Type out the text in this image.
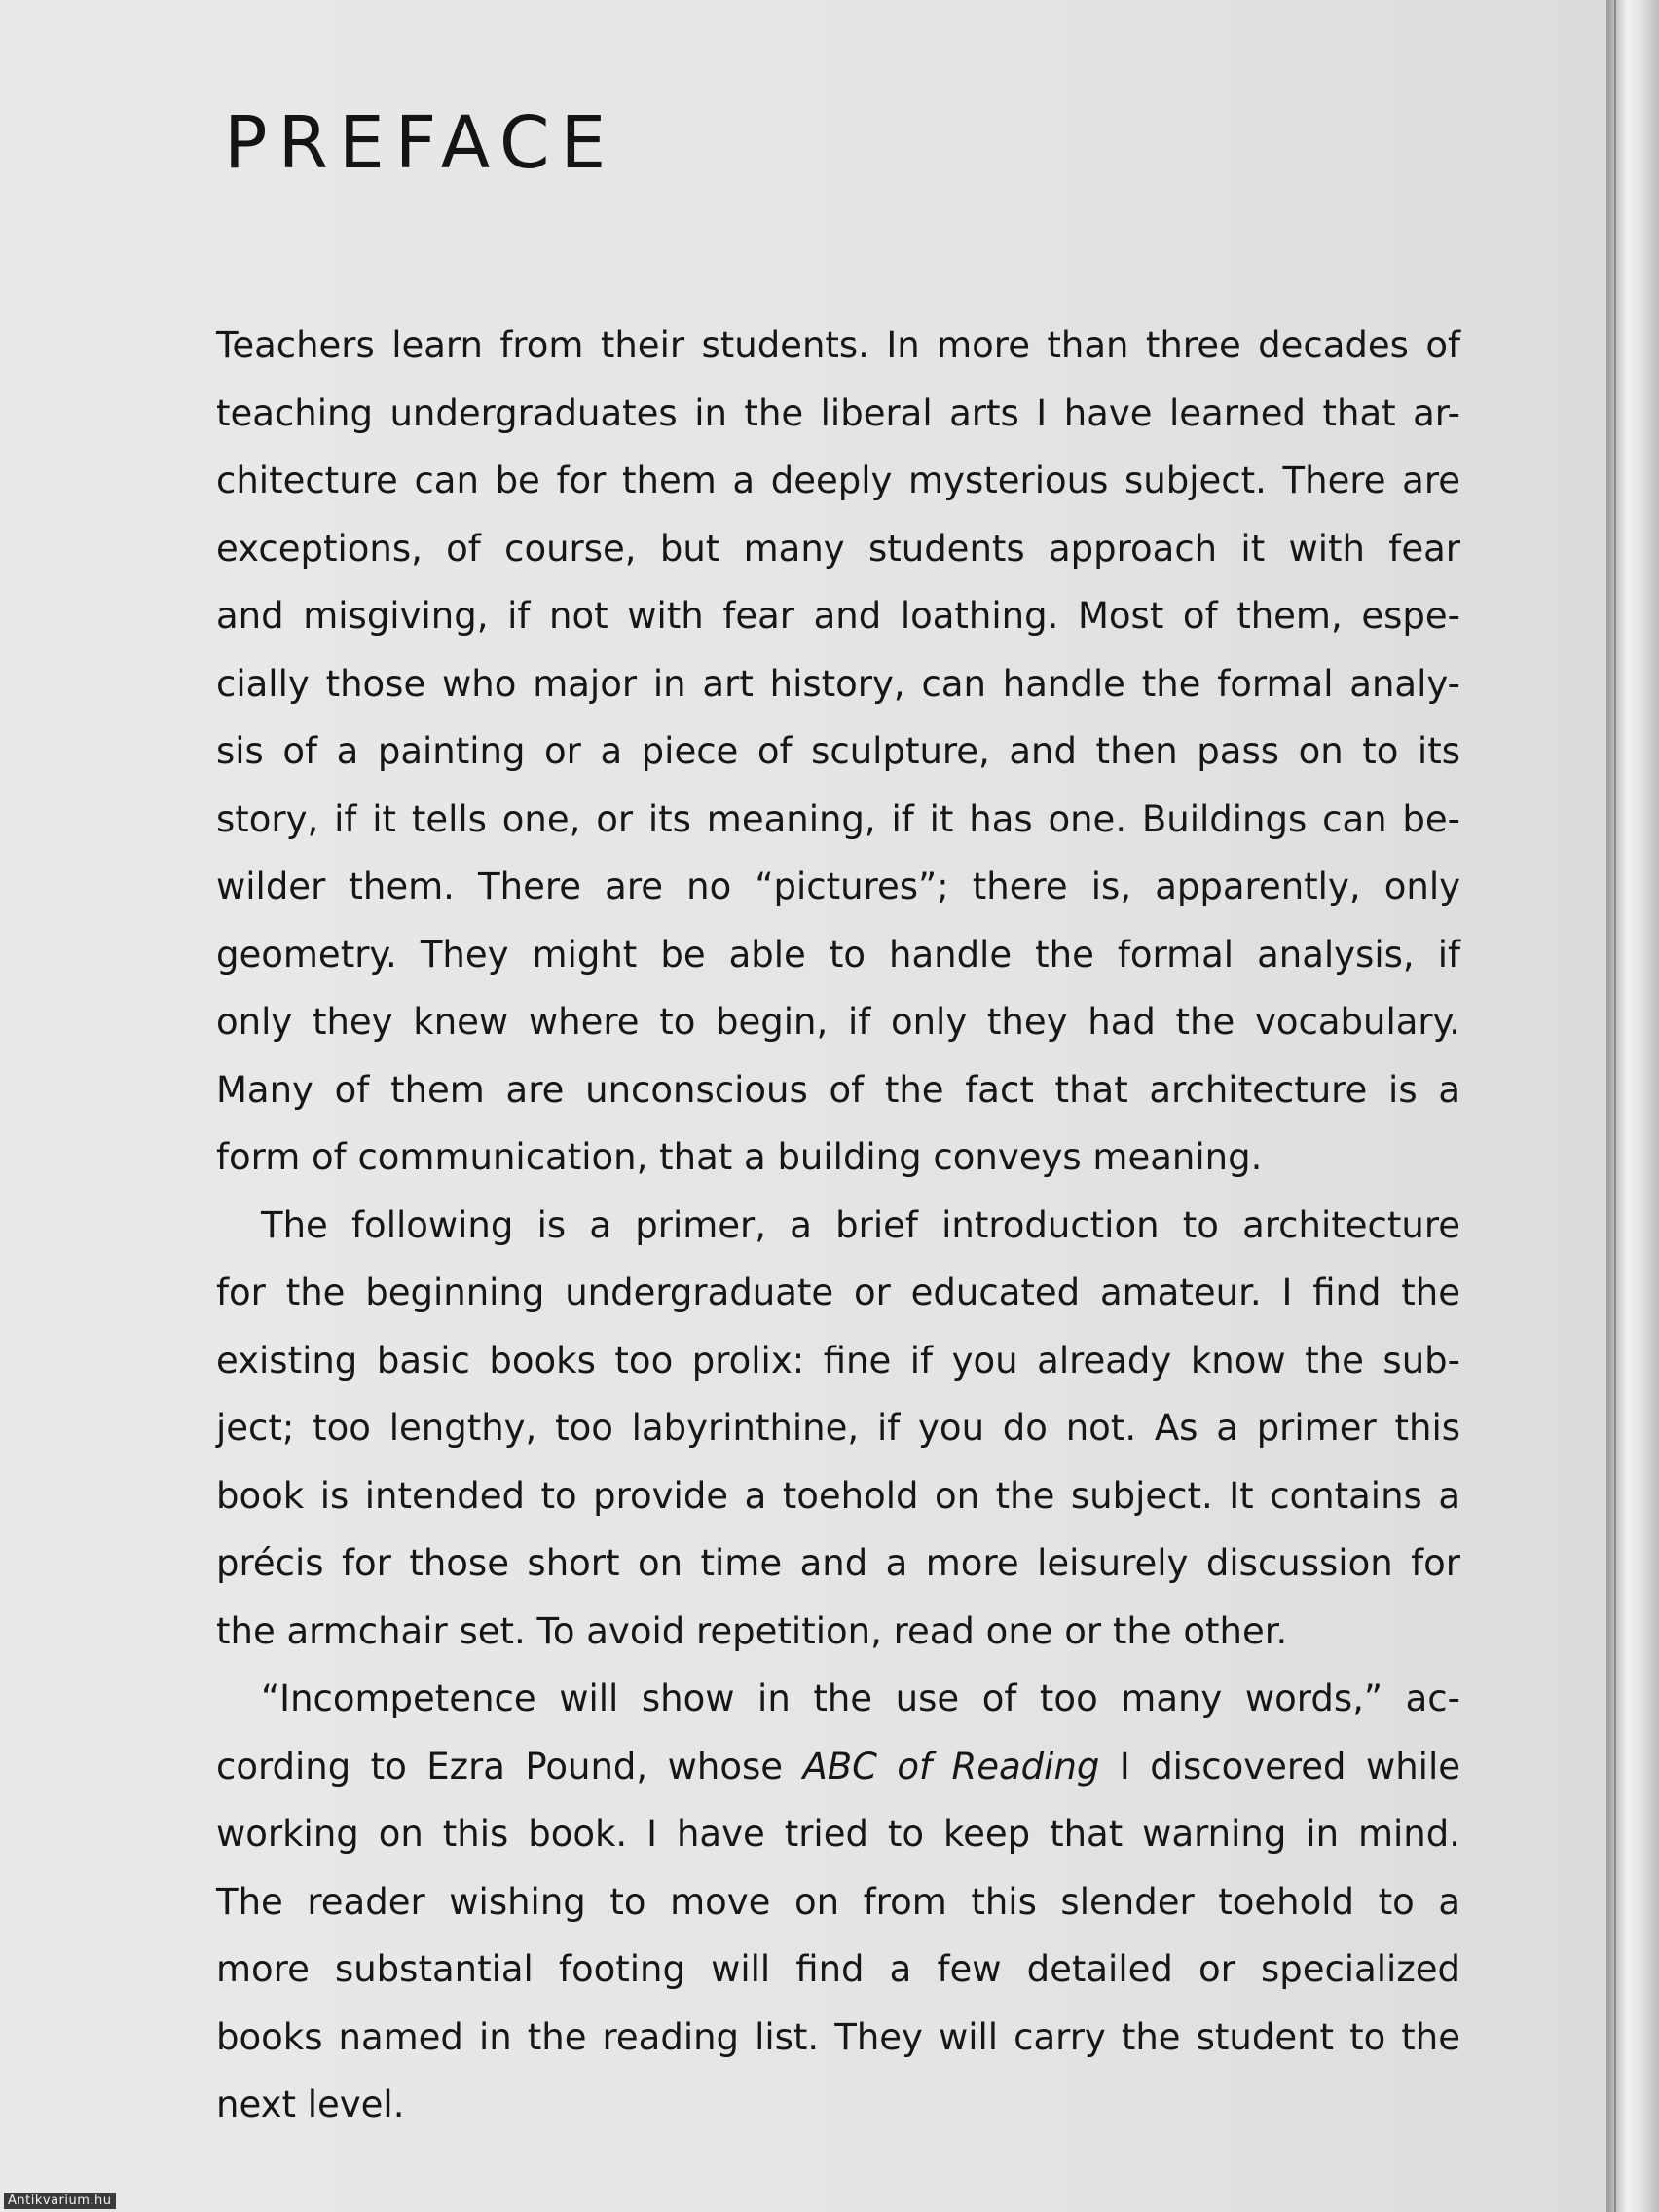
PREFACE

Teachers learn from their students. In more than three decades of

teaching undergraduates in the liberal arts I have learned that ar-

chitecture can be for them a deeply mysterious subject. There are

exceptions, of course, but many students approach it with fear

and misgiving, if not with fear and loathing. Most of them, espe-

cially those who major in art history, can handle the formal analy-

sis of a painting or a piece of sculpture, and then pass on to its

story, if it tells one, or its meaning, if it has one. Buildings can be-

wilder them. There are no “pictures”; there is, apparently, only

geometry. They might be able to handle the formal analysis, if

only they knew where to begin, if only they had the vocabulary.

Many of them are unconscious of the fact that architecture is a

form of communication, that a building conveys meaning.

The following is a primer, a brief introduction to architecture

for the beginning undergraduate or educated amateur. I find the

existing basic books too prolix: fine if you already know the sub-

ject; too lengthy, too labyrinthine, if you do not. As a primer this

book is intended to provide a toehold on the subject. It contains a

précis for those short on time and a more leisurely discussion for

the armchair set. To avoid repetition, read one or the other.

“Incompetence will show in the use of too many words,” ac-

cording to Ezra Pound, whose ABC of Reading I discovered while

working on this book. I have tried to keep that warning in mind.

The reader wishing to move on from this slender toehold to a

more substantial footing will find a few detailed or specialized

books named in the reading list. They will carry the student to the

next level.

Antikvarium.hu
